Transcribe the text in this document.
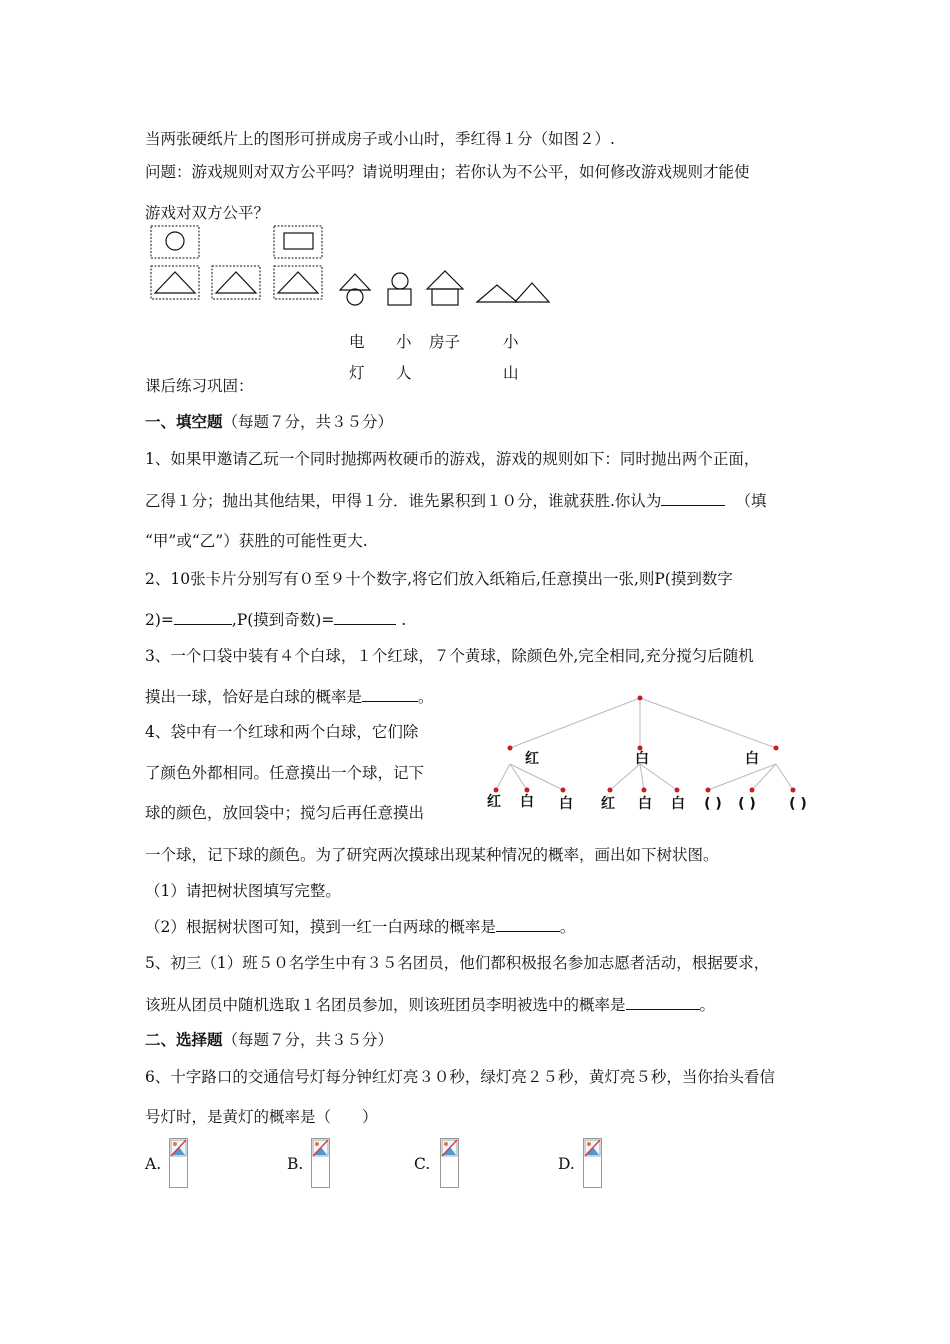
当两张硬纸片上的图形可拼成房子或小山时，季红得１分（如图２）.
问题：游戏规则对双方公平吗？请说明理由；若你认为不公平，如何修改游戏规则才能使
游戏对双方公平？
电
灯
小
人
房子	小
山
课后练习巩固：
一、填空题（每题７分，共３５分）
1、如果甲邀请乙玩一个同时抛掷两枚硬币的游戏，游戏的规则如下：同时抛出两个正面，
乙得１分；抛出其他结果，甲得１分．谁先累积到１０分，谁就获胜.你认为	（填
“甲”或“乙”）获胜的可能性更大.
2、10张卡片分别写有０至９十个数字,将它们放入纸箱后,任意摸出一张,则P(摸到数字
2)=	,P(摸到奇数)=	.
3、一个口袋中装有４个白球，１个红球，７个黄球，除颜色外,完全相同,充分搅匀后随机
摸出一球，恰好是白球的概率是	。
4、袋中有一个红球和两个白球，它们除
了颜色外都相同。任意摸出一个球，记下
球的颜色，放回袋中；搅匀后再任意摸出
一个球，记下球的颜色。为了研究两次摸球出现某种情况的概率，画出如下树状图。
（1）请把树状图填写完整。
（2）根据树状图可知，摸到一红一白两球的概率是	。
红	白	白
红 白 白 红 白 白 ( ) ( ) ( )
5、初三（1）班５０名学生中有３５名团员，他们都积极报名参加志愿者活动，根据要求，
该班从团员中随机选取１名团员参加，则该班团员李明被选中的概率是	。
二、选择题（每题７分，共３５分）
6、十字路口的交通信号灯每分钟红灯亮３０秒，绿灯亮２５秒，黄灯亮５秒，当你抬头看信
号灯时，是黄灯的概率是（　　）
A.	B.	C.	D.
